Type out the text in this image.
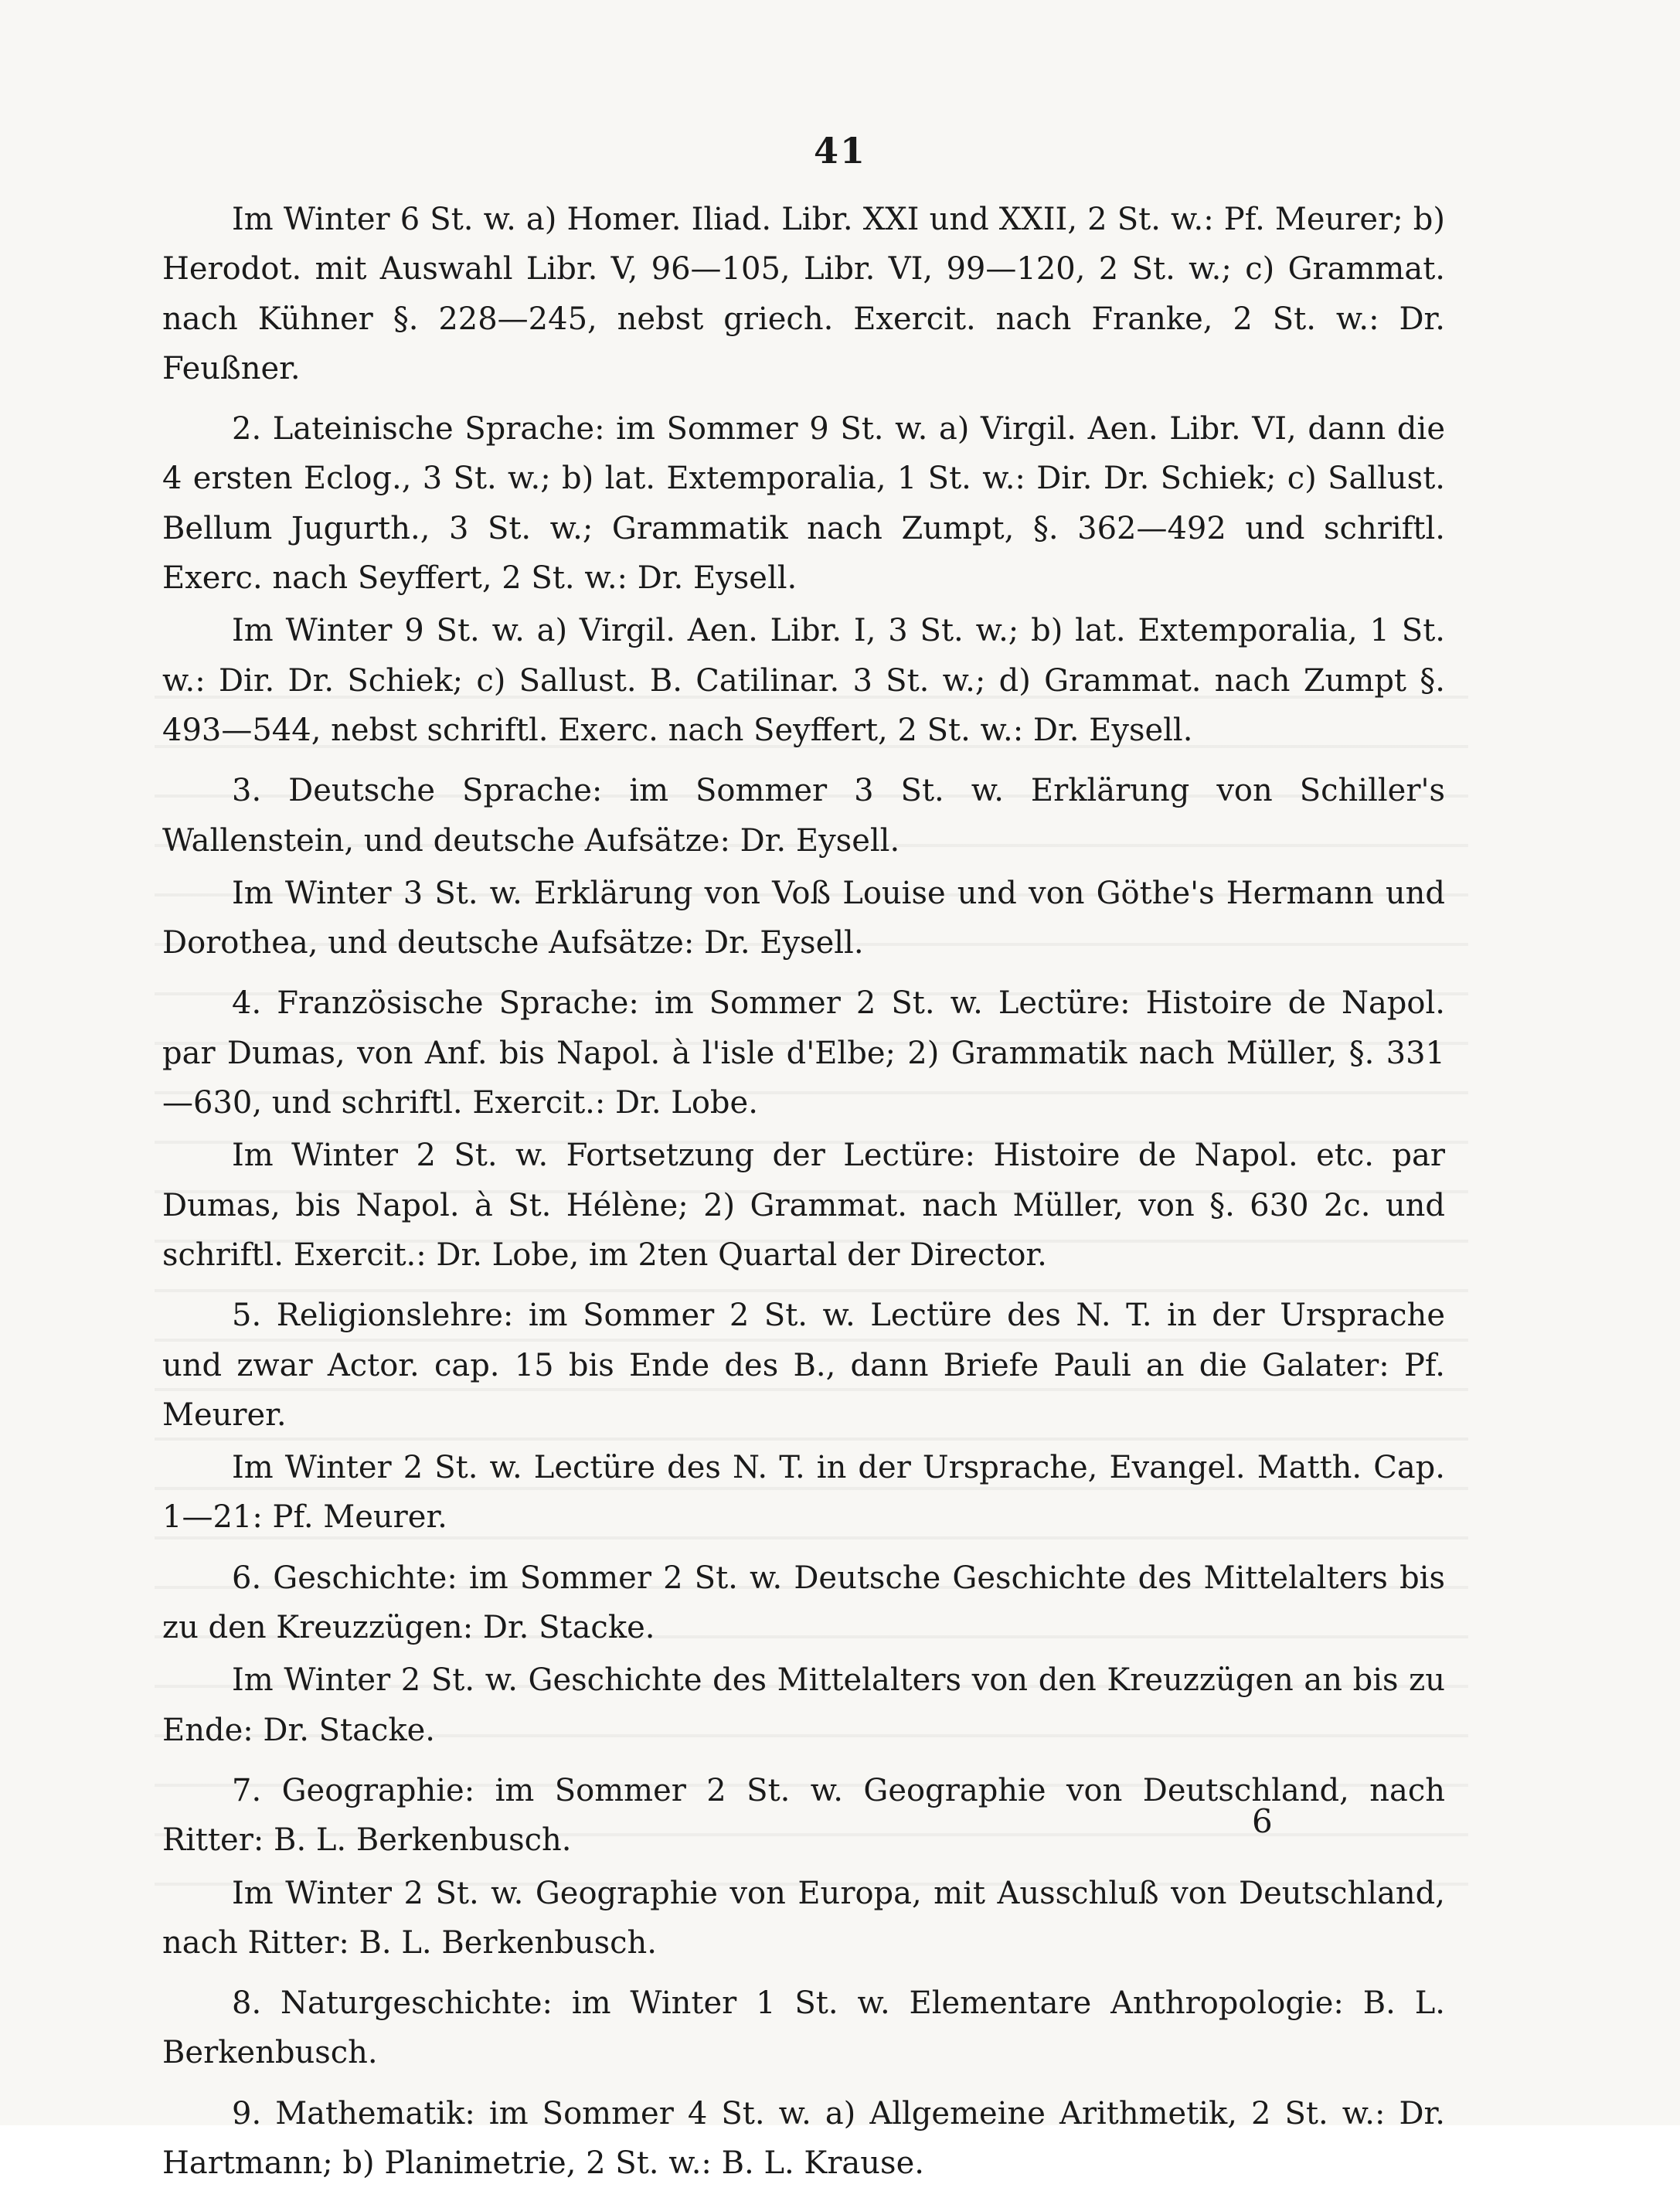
41

Im Winter 6 St. w. a) Homer. Iliad. Libr. XXI und XXII, 2 St. w.: Pf. Meurer; b) Herodot. mit Auswahl Libr. V, 96—105, Libr. VI, 99—120, 2 St. w.; c) Grammat. nach Kühner §. 228—245, nebst griech. Exercit. nach Franke, 2 St. w.: Dr. Feußner.

2. Lateinische Sprache: im Sommer 9 St. w. a) Virgil. Aen. Libr. VI, dann die 4 ersten Eclog., 3 St. w.; b) lat. Extemporalia, 1 St. w.: Dir. Dr. Schiek; c) Sallust. Bellum Jugurth., 3 St. w.; Grammatik nach Zumpt, §. 362—492 und schriftl. Exerc. nach Seyffert, 2 St. w.: Dr. Eysell.

Im Winter 9 St. w. a) Virgil. Aen. Libr. I, 3 St. w.; b) lat. Extemporalia, 1 St. w.: Dir. Dr. Schiek; c) Sallust. B. Catilinar. 3 St. w.; d) Grammat. nach Zumpt §. 493—544, nebst schriftl. Exerc. nach Seyffert, 2 St. w.: Dr. Eysell.

3. Deutsche Sprache: im Sommer 3 St. w. Erklärung von Schiller's Wallenstein, und deutsche Aufsätze: Dr. Eysell.

Im Winter 3 St. w. Erklärung von Voß Louise und von Göthe's Hermann und Dorothea, und deutsche Aufsätze: Dr. Eysell.

4. Französische Sprache: im Sommer 2 St. w. Lectüre: Histoire de Napol. par Dumas, von Anf. bis Napol. à l'isle d'Elbe; 2) Grammatik nach Müller, §. 331—630, und schriftl. Exercit.: Dr. Lobe.

Im Winter 2 St. w. Fortsetzung der Lectüre: Histoire de Napol. etc. par Dumas, bis Napol. à St. Hélène; 2) Grammat. nach Müller, von §. 630 2c. und schriftl. Exercit.: Dr. Lobe, im 2ten Quartal der Director.

5. Religionslehre: im Sommer 2 St. w. Lectüre des N. T. in der Ursprache und zwar Actor. cap. 15 bis Ende des B., dann Briefe Pauli an die Galater: Pf. Meurer.

Im Winter 2 St. w. Lectüre des N. T. in der Ursprache, Evangel. Matth. Cap. 1—21: Pf. Meurer.

6. Geschichte: im Sommer 2 St. w. Deutsche Geschichte des Mittelalters bis zu den Kreuzzügen: Dr. Stacke.

Im Winter 2 St. w. Geschichte des Mittelalters von den Kreuzzügen an bis zu Ende: Dr. Stacke.

7. Geographie: im Sommer 2 St. w. Geographie von Deutschland, nach Ritter: B. L. Berkenbusch.

Im Winter 2 St. w. Geographie von Europa, mit Ausschluß von Deutschland, nach Ritter: B. L. Berkenbusch.

8. Naturgeschichte: im Winter 1 St. w. Elementare Anthropologie: B. L. Berkenbusch.

9. Mathematik: im Sommer 4 St. w. a) Allgemeine Arithmetik, 2 St. w.: Dr. Hartmann; b) Planimetrie, 2 St. w.: B. L. Krause.

6
